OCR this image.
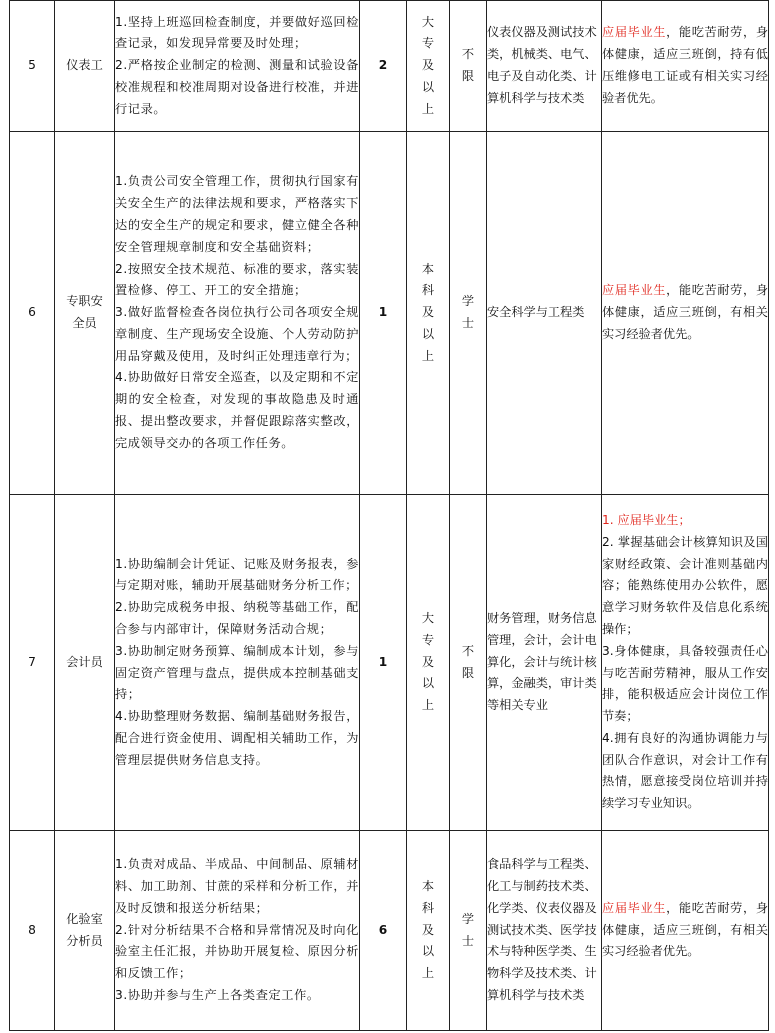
5	仪表工	1.坚持上班巡回检查制度，并要做好巡回检查记录，如发现异常要及时处理；
2.严格按企业制定的检测、测量和试验设备校准规程和校准周期对设备进行校准，并进行记录。	2	大专及以上	不限	仪表仪器及测试技术类，机械类、电气、电子及自动化类、计算机科学与技术类	应届毕业生，能吃苦耐劳，身体健康，适应三班倒，持有低压维修电工证或有相关实习经验者优先。
6	专职安全员	1.负责公司安全管理工作，贯彻执行国家有关安全生产的法律法规和要求，严格落实下达的安全生产的规定和要求，健立健全各种安全管理规章制度和安全基础资料；
2.按照安全技术规范、标准的要求，落实装置检修、停工、开工的安全措施；
3.做好监督检查各岗位执行公司各项安全规章制度、生产现场安全设施、个人劳动防护用品穿戴及使用，及时纠正处理违章行为；
4.协助做好日常安全巡查，以及定期和不定期的安全检查，对发现的事故隐患及时通报、提出整改要求，并督促跟踪落实整改，完成领导交办的各项工作任务。	1	本科及以上	学士	安全科学与工程类	应届毕业生，能吃苦耐劳，身体健康，适应三班倒，有相关实习经验者优先。
7	会计员	1.协助编制会计凭证、记账及财务报表，参与定期对账，辅助开展基础财务分析工作；
2.协助完成税务申报、纳税等基础工作，配合参与内部审计，保障财务活动合规；
3.协助制定财务预算、编制成本计划，参与固定资产管理与盘点，提供成本控制基础支持；
4.协助整理财务数据、编制基础财务报告，配合进行资金使用、调配相关辅助工作，为管理层提供财务信息支持。	1	大专及以上	不限	财务管理，财务信息管理，会计，会计电算化，会计与统计核算，金融类，审计类等相关专业	1. 应届毕业生；
2. 掌握基础会计核算知识及国家财经政策、会计准则基础内容；能熟练使用办公软件，愿意学习财务软件及信息化系统操作；
3.身体健康，具备较强责任心与吃苦耐劳精神，服从工作安排，能积极适应会计岗位工作节奏；
4.拥有良好的沟通协调能力与团队合作意识，对会计工作有热情，愿意接受岗位培训并持续学习专业知识。

8	化验室分析员	1.负责对成品、半成品、中间制品、原辅材料、加工助剂、甘蔗的采样和分析工作，并及时反馈和报送分析结果；
2.针对分析结果不合格和异常情况及时向化验室主任汇报，并协助开展复检、原因分析和反馈工作；
3.协助并参与生产上各类查定工作。	6	本科及以上	学士	食品科学与工程类、化工与制药技术类、化学类、仪表仪器及测试技术类、医学技术与特种医学类、生物科学及技术类、计算机科学与技术类	应届毕业生，能吃苦耐劳，身体健康，适应三班倒，有相关实习经验者优先。
